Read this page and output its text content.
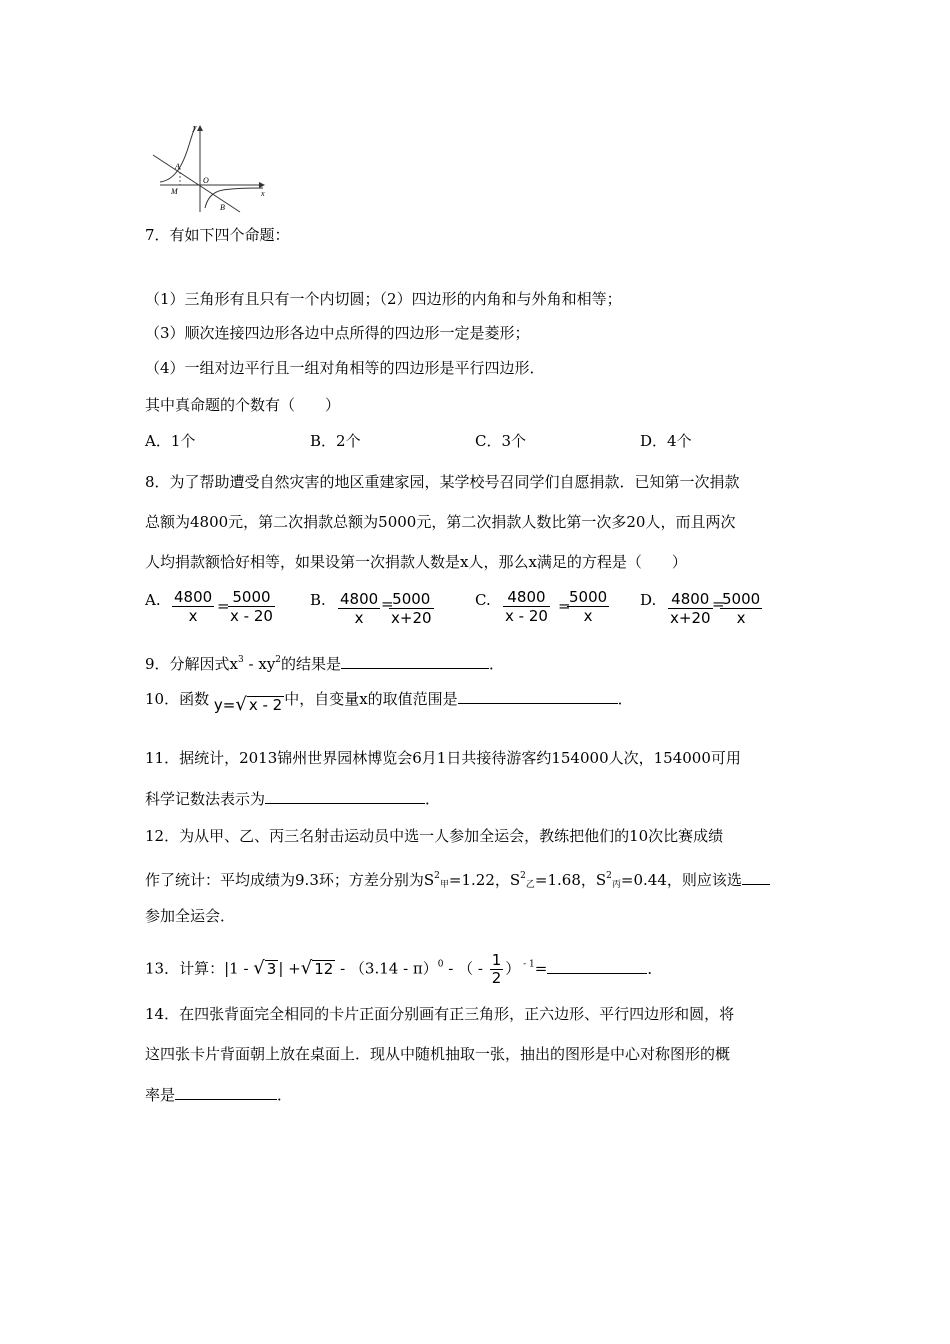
y
x
O
A
B
M
7．有如下四个命题：
（1）三角形有且只有一个内切圆；（2）四边形的内角和与外角和相等；
（3）顺次连接四边形各边中点所得的四边形一定是菱形；
（4）一组对边平行且一组对角相等的四边形是平行四边形．
其中真命题的个数有（　　）
A．1个	B．2个	C．3个	D．4个
8．为了帮助遭受自然灾害的地区重建家园，某学校号召同学们自愿捐款．已知第一次捐款
总额为4800元，第二次捐款总额为5000元，第二次捐款人数比第一次多20人，而且两次
人均捐款额恰好相等，如果设第一次捐款人数是x人，那么x满足的方程是（　　）
A. $\frac{4800}{x}$ =
$\frac{5000}{x - 20} B$. $\frac{4800}{x}$ =
$\frac{5000}{x+20}$	C. $\frac{4800}{x - 20}$ =
$\frac{5000}{x} D$. $\frac{4800}{x+20}$ =
$\frac{5000}{x}$
9．分解因式$x^3 - xy^2$的结果是	．
10．函数 y=√ x - 2 中，自变量x的取值范围是	．
11．据统计，2013锦州世界园林博览会6月1日共接待游客约154000人次，154000可用
科学记数法表示为	．
12．为从甲、乙、丙三名射击运动员中选一人参加全运会，教练把他们的10次比赛成绩
作了统计：平均成绩为9.3环；方差分别为$S^2_甲=1.22$，$S^2_乙=1.68$，$S^2_丙=0.44$，则应该选
参加全运会．
13．计算：|1 - √ 3 | +√ 12 - （3.14 - π）$^0$ - （ - $\frac{1}{2}$ ） $^{- 1}$=	．
14．在四张背面完全相同的卡片正面分别画有正三角形，正六边形、平行四边形和圆，将
这四张卡片背面朝上放在桌面上．现从中随机抽取一张，抽出的图形是中心对称图形的概
率是	．
